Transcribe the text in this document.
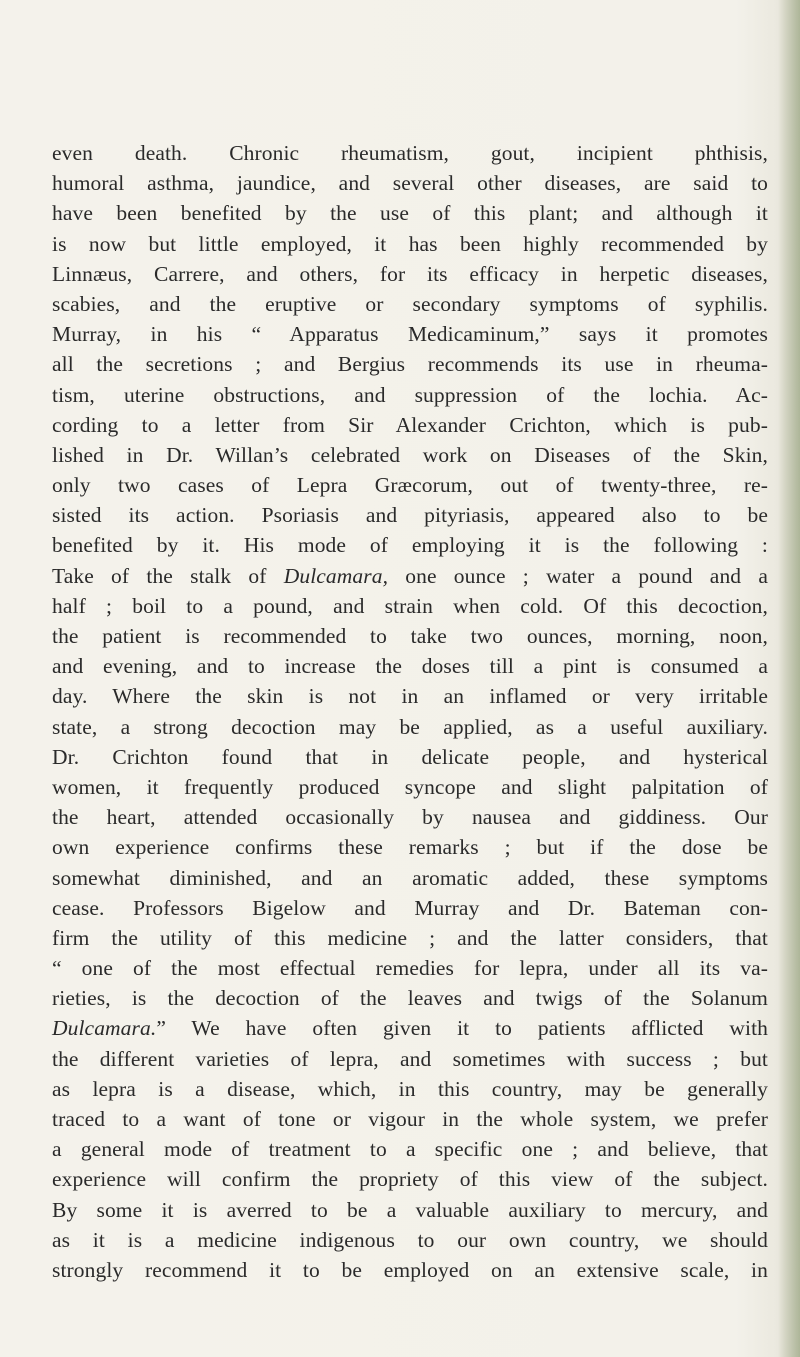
even death. Chronic rheumatism, gout, incipient phthisis,
humoral asthma, jaundice, and several other diseases, are said to
have been benefited by the use of this plant; and although it
is now but little employed, it has been highly recommended by
Linnæus, Carrere, and others, for its efficacy in herpetic diseases,
scabies, and the eruptive or secondary symptoms of syphilis.
Murray, in his “ Apparatus Medicaminum,” says it promotes
all the secretions ; and Bergius recommends its use in rheuma-
tism, uterine obstructions, and suppression of the lochia. Ac-
cording to a letter from Sir Alexander Crichton, which is pub-
lished in Dr. Willan’s celebrated work on Diseases of the Skin,
only two cases of Lepra Græcorum, out of twenty-three, re-
sisted its action. Psoriasis and pityriasis, appeared also to be
benefited by it. His mode of employing it is the following :
Take of the stalk of Dulcamara, one ounce ; water a pound and a
half ; boil to a pound, and strain when cold. Of this decoction,
the patient is recommended to take two ounces, morning, noon,
and evening, and to increase the doses till a pint is consumed a
day. Where the skin is not in an inflamed or very irritable
state, a strong decoction may be applied, as a useful auxiliary.
Dr. Crichton found that in delicate people, and hysterical
women, it frequently produced syncope and slight palpitation of
the heart, attended occasionally by nausea and giddiness. Our
own experience confirms these remarks ; but if the dose be
somewhat diminished, and an aromatic added, these symptoms
cease. Professors Bigelow and Murray and Dr. Bateman con-
firm the utility of this medicine ; and the latter considers, that
“ one of the most effectual remedies for lepra, under all its va-
rieties, is the decoction of the leaves and twigs of the Solanum
Dulcamara.” We have often given it to patients afflicted with
the different varieties of lepra, and sometimes with success ; but
as lepra is a disease, which, in this country, may be generally
traced to a want of tone or vigour in the whole system, we prefer
a general mode of treatment to a specific one ; and believe, that
experience will confirm the propriety of this view of the subject.
By some it is averred to be a valuable auxiliary to mercury, and
as it is a medicine indigenous to our own country, we should
strongly recommend it to be employed on an extensive scale, in
